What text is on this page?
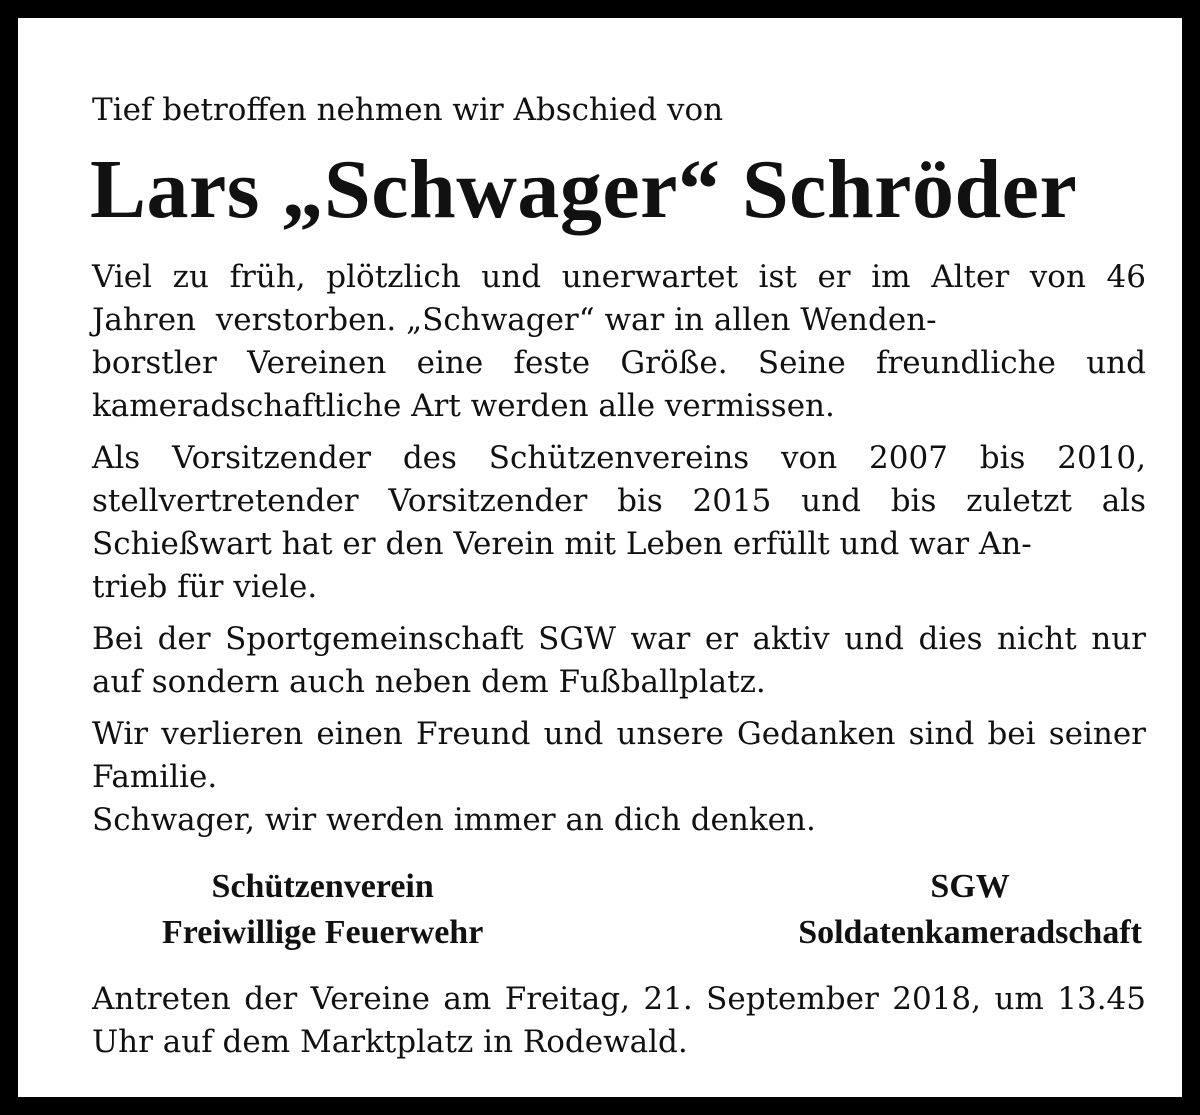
Tief betroffen nehmen wir Abschied von

Lars „Schwager“ Schröder

Viel zu früh, plötzlich und unerwartet ist er im Alter von 46 Jahren  verstorben. „Schwager“ war in allen Wenden-
borstler Vereinen eine feste Größe. Seine freundliche und kameradschaftliche Art werden alle vermissen.

Als Vorsitzender des Schützenvereins von 2007 bis 2010, stellvertretender Vorsitzender bis 2015 und bis zuletzt als Schießwart hat er den Verein mit Leben erfüllt und war An-
trieb für viele.

Bei der Sportgemeinschaft SGW war er aktiv und dies nicht nur auf sondern auch neben dem Fußballplatz.

Wir verlieren einen Freund und unsere Gedanken sind bei seiner Familie.
Schwager, wir werden immer an dich denken.

Schützenverein
Freiwillige Feuerwehr
SGW
Soldatenkameradschaft

Antreten der Vereine am Freitag, 21. September 2018, um 13.45 Uhr auf dem Marktplatz in Rodewald.
